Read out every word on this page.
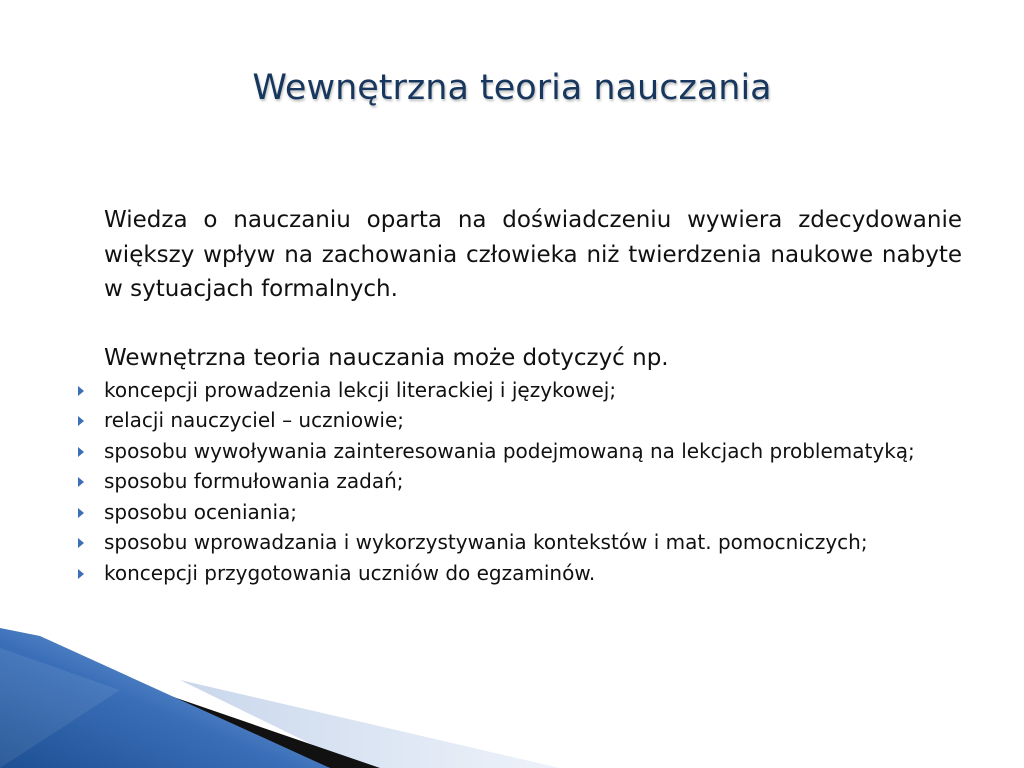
Wewnętrzna teoria nauczania

Wiedza o nauczaniu oparta na doświadczeniu wywiera zdecydowanie większy wpływ na zachowania człowieka niż twierdzenia naukowe nabyte w sytuacjach formalnych.

Wewnętrzna teoria nauczania może dotyczyć np.

koncepcji prowadzenia lekcji literackiej i językowej;
relacji nauczyciel – uczniowie;
sposobu wywoływania zainteresowania podejmowaną na lekcjach problematyką;
sposobu formułowania zadań;
sposobu oceniania;
sposobu wprowadzania i wykorzystywania kontekstów i mat. pomocniczych;
koncepcji przygotowania uczniów do egzaminów.
